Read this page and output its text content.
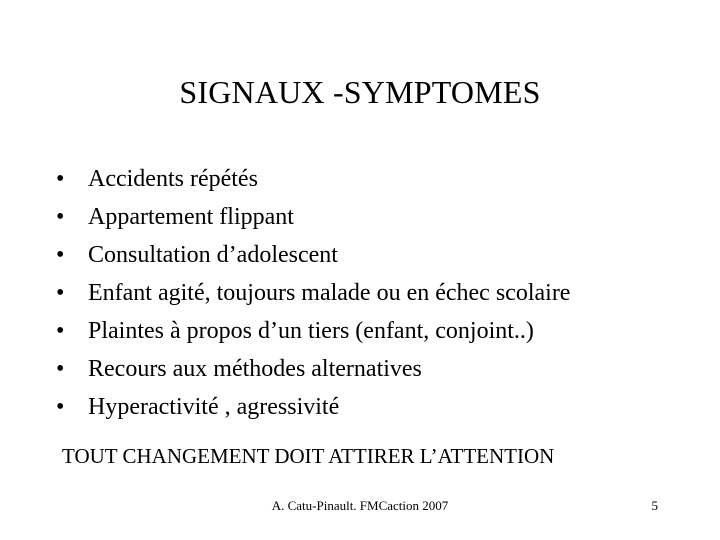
SIGNAUX -SYMPTOMES
• Accidents répétés
• Appartement flippant
• Consultation d’adolescent
• Enfant agité, toujours malade ou en échec scolaire
• Plaintes à propos d’un tiers (enfant, conjoint..)
• Recours aux méthodes alternatives
• Hyperactivité , agressivité
TOUT CHANGEMENT DOIT ATTIRER L’ATTENTION
A. Catu-Pinault. FMCaction 2007	5
